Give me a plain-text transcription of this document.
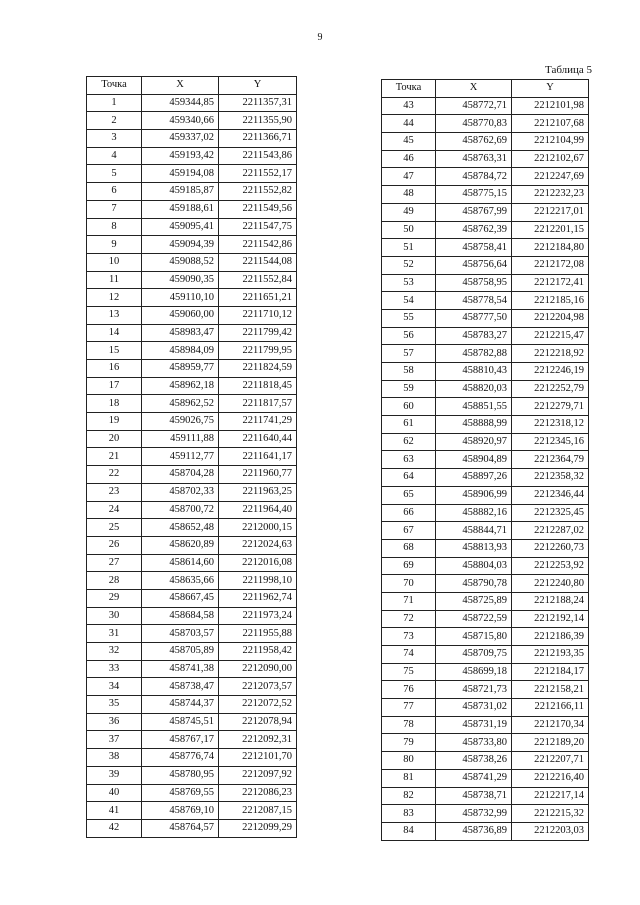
9
Таблица 5
Точка	X	Y
1	459344,85	2211357,31
2	459340,66	2211355,90
3	459337,02	2211366,71
4	459193,42	2211543,86
5	459194,08	2211552,17
6	459185,87	2211552,82
7	459188,61	2211549,56
8	459095,41	2211547,75
9	459094,39	2211542,86
10	459088,52	2211544,08
11	459090,35	2211552,84
12	459110,10	2211651,21
13	459060,00	2211710,12
14	458983,47	2211799,42
15	458984,09	2211799,95
16	458959,77	2211824,59
17	458962,18	2211818,45
18	458962,52	2211817,57
19	459026,75	2211741,29
20	459111,88	2211640,44
21	459112,77	2211641,17
22	458704,28	2211960,77
23	458702,33	2211963,25
24	458700,72	2211964,40
25	458652,48	2212000,15
26	458620,89	2212024,63
27	458614,60	2212016,08
28	458635,66	2211998,10
29	458667,45	2211962,74
30	458684,58	2211973,24
31	458703,57	2211955,88
32	458705,89	2211958,42
33	458741,38	2212090,00
34	458738,47	2212073,57
35	458744,37	2212072,52
36	458745,51	2212078,94
37	458767,17	2212092,31
38	458776,74	2212101,70
39	458780,95	2212097,92
40	458769,55	2212086,23
41	458769,10	2212087,15
42	458764,57	2212099,29
Точка	X	Y
43	458772,71	2212101,98
44	458770,83	2212107,68
45	458762,69	2212104,99
46	458763,31	2212102,67
47	458784,72	2212247,69
48	458775,15	2212232,23
49	458767,99	2212217,01
50	458762,39	2212201,15
51	458758,41	2212184,80
52	458756,64	2212172,08
53	458758,95	2212172,41
54	458778,54	2212185,16
55	458777,50	2212204,98
56	458783,27	2212215,47
57	458782,88	2212218,92
58	458810,43	2212246,19
59	458820,03	2212252,79
60	458851,55	2212279,71
61	458888,99	2212318,12
62	458920,97	2212345,16
63	458904,89	2212364,79
64	458897,26	2212358,32
65	458906,99	2212346,44
66	458882,16	2212325,45
67	458844,71	2212287,02
68	458813,93	2212260,73
69	458804,03	2212253,92
70	458790,78	2212240,80
71	458725,89	2212188,24
72	458722,59	2212192,14
73	458715,80	2212186,39
74	458709,75	2212193,35
75	458699,18	2212184,17
76	458721,73	2212158,21
77	458731,02	2212166,11
78	458731,19	2212170,34
79	458733,80	2212189,20
80	458738,26	2212207,71
81	458741,29	2212216,40
82	458738,71	2212217,14
83	458732,99	2212215,32
84	458736,89	2212203,03
